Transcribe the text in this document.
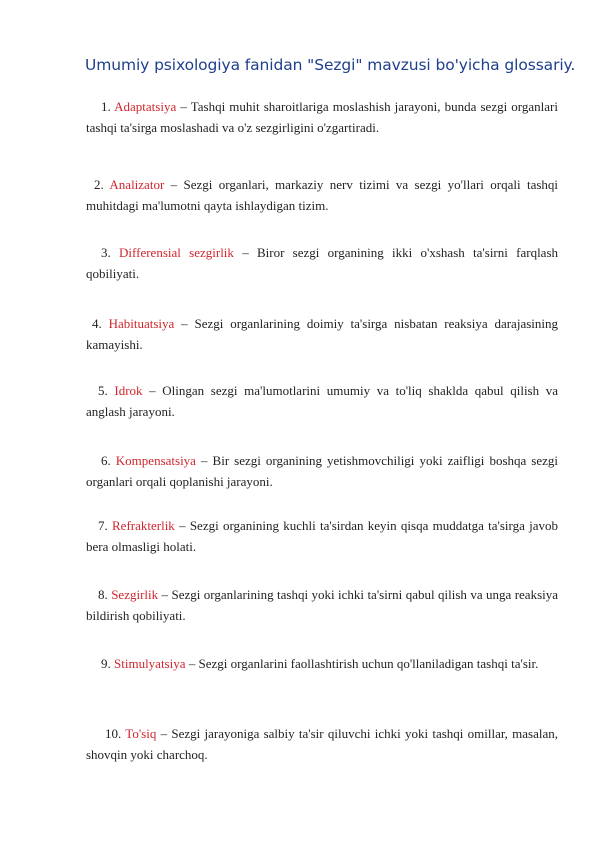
Umumiy psixologiya fanidan "Sezgi" mavzusi bo'yicha glossariy.

1. Adaptatsiya – Tashqi muhit sharoitlariga moslashish jarayoni, bunda sezgi organlari tashqi ta'sirga moslashadi va o'z sezgirligini o'zgartiradi.

2. Analizator – Sezgi organlari, markaziy nerv tizimi va sezgi yo'llari orqali tashqi muhitdagi ma'lumotni qayta ishlaydigan tizim.

3. Differensial sezgirlik – Biror sezgi organining ikki o'xshash ta'sirni farqlash qobiliyati.

4. Habituatsiya – Sezgi organlarining doimiy ta'sirga nisbatan reaksiya darajasining kamayishi.

5. Idrok – Olingan sezgi ma'lumotlarini umumiy va to'liq shaklda qabul qilish va anglash jarayoni.

6. Kompensatsiya – Bir sezgi organining yetishmovchiligi yoki zaifligi boshqa sezgi organlari orqali qoplanishi jarayoni.

7. Refrakterlik – Sezgi organining kuchli ta'sirdan keyin qisqa muddatga ta'sirga javob bera olmasligi holati.

8. Sezgirlik – Sezgi organlarining tashqi yoki ichki ta'sirni qabul qilish va unga reaksiya bildirish qobiliyati.

9. Stimulyatsiya – Sezgi organlarini faollashtirish uchun qo'llaniladigan tashqi ta'sir.

10. To'siq – Sezgi jarayoniga salbiy ta'sir qiluvchi ichki yoki tashqi omillar, masalan, shovqin yoki charchoq.
